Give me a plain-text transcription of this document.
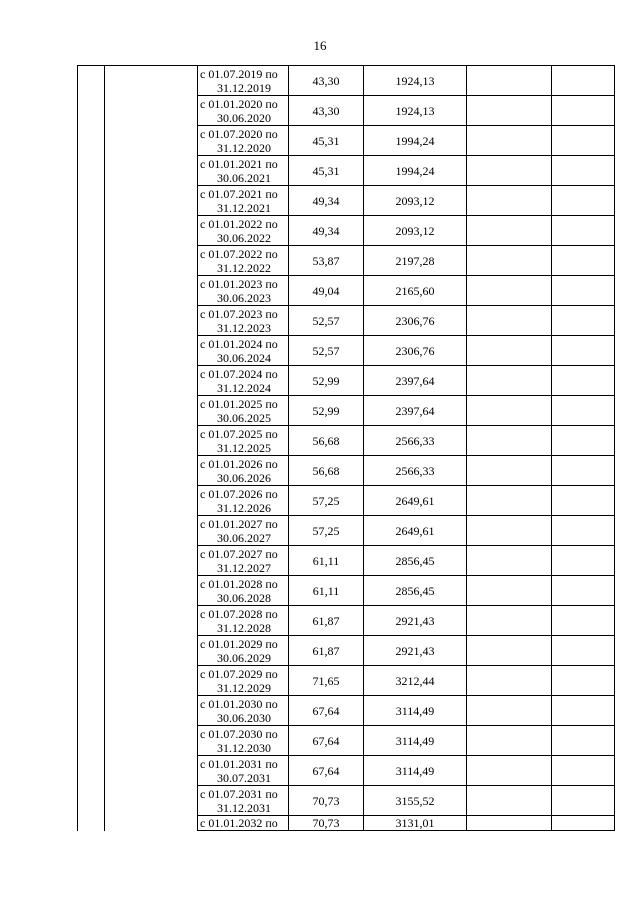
16

		с 01.07.2019 по
31.12.2019	43,30	1924,13		

		с 01.01.2020 по
30.06.2020	43,30	1924,13		

		с 01.07.2020 по
31.12.2020	45,31	1994,24		

		с 01.01.2021 по
30.06.2021	45,31	1994,24		

		с 01.07.2021 по
31.12.2021	49,34	2093,12		

		с 01.01.2022 по
30.06.2022	49,34	2093,12		

		с 01.07.2022 по
31.12.2022	53,87	2197,28		

		с 01.01.2023 по
30.06.2023	49,04	2165,60		

		с 01.07.2023 по
31.12.2023	52,57	2306,76		

		с 01.01.2024 по
30.06.2024	52,57	2306,76		

		с 01.07.2024 по
31.12.2024	52,99	2397,64		

		с 01.01.2025 по
30.06.2025	52,99	2397,64		

		с 01.07.2025 по
31.12.2025	56,68	2566,33		

		с 01.01.2026 по
30.06.2026	56,68	2566,33		

		с 01.07.2026 по
31.12.2026	57,25	2649,61		

		с 01.01.2027 по
30.06.2027	57,25	2649,61		

		с 01.07.2027 по
31.12.2027	61,11	2856,45		

		с 01.01.2028 по
30.06.2028	61,11	2856,45		

		с 01.07.2028 по
31.12.2028	61,87	2921,43		

		с 01.01.2029 по
30.06.2029	61,87	2921,43		

		с 01.07.2029 по
31.12.2029	71,65	3212,44		

		с 01.01.2030 по
30.06.2030	67,64	3114,49		

		с 01.07.2030 по
31.12.2030	67,64	3114,49		

		с 01.01.2031 по
30.07.2031	67,64	3114,49		

		с 01.07.2031 по
31.12.2031	70,73	3155,52		

		с 01.01.2032 по	70,73	3131,01		
